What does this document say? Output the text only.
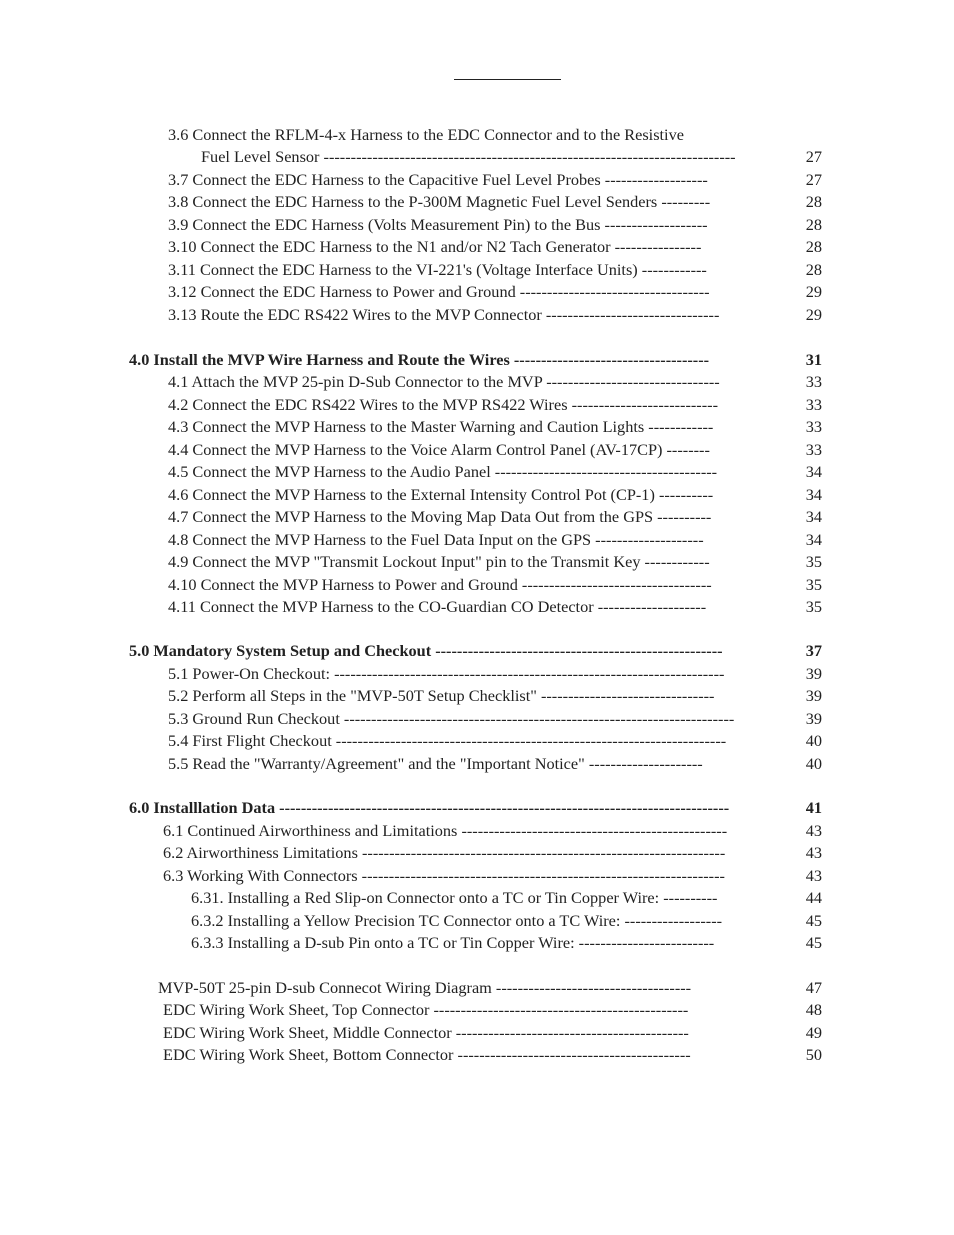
3.6 Connect the RFLM-4-x Harness to the EDC Connector and to the Resistive
Fuel Level Sensor ----------------------------------------------------------------------------	27
3.7 Connect the EDC Harness to the Capacitive Fuel Level Probes -------------------	27
3.8 Connect the EDC Harness to the P-300M Magnetic Fuel Level Senders ---------	28
3.9 Connect the EDC Harness (Volts Measurement Pin) to the Bus -------------------	28
3.10 Connect the EDC Harness to the N1 and/or N2 Tach Generator ----------------	28
3.11 Connect the EDC Harness to the VI-221's (Voltage Interface Units) ------------	28
3.12 Connect the EDC Harness to Power and Ground -----------------------------------	29
3.13 Route the EDC RS422 Wires to the MVP Connector --------------------------------	29
4.0 Install the MVP Wire Harness and Route the Wires ------------------------------------	31
4.1 Attach the MVP 25-pin D-Sub Connector to the MVP --------------------------------	33
4.2 Connect the EDC RS422 Wires to the MVP RS422 Wires ---------------------------	33
4.3 Connect the MVP Harness to the Master Warning and Caution Lights ------------	33
4.4 Connect the MVP Harness to the Voice Alarm Control Panel (AV-17CP) --------	33
4.5 Connect the MVP Harness to the Audio Panel -----------------------------------------	34
4.6 Connect the MVP Harness to the External Intensity Control Pot (CP-1) ----------	34
4.7 Connect the MVP Harness to the Moving Map Data Out from the GPS ----------	34
4.8 Connect the MVP Harness to the Fuel Data Input on the GPS --------------------	34
4.9 Connect the MVP "Transmit Lockout Input" pin to the Transmit Key ------------	35
4.10 Connect the MVP Harness to Power and Ground -----------------------------------	35
4.11 Connect the MVP Harness to the CO-Guardian CO Detector --------------------	35
5.0 Mandatory System Setup and Checkout -----------------------------------------------------	37
5.1 Power-On Checkout: ------------------------------------------------------------------------	39
5.2 Perform all Steps in the "MVP-50T Setup Checklist" --------------------------------	39
5.3 Ground Run Checkout ------------------------------------------------------------------------	39
5.4 First Flight Checkout ------------------------------------------------------------------------	40
5.5 Read the "Warranty/Agreement" and the "Important Notice" ---------------------	40
6.0 Installlation Data -----------------------------------------------------------------------------------	41
6.1 Continued Airworthiness and Limitations -------------------------------------------------	43
6.2 Airworthiness Limitations -------------------------------------------------------------------	43
6.3 Working With Connectors -------------------------------------------------------------------	43
6.31. Installing a Red Slip-on Connector onto a TC or Tin Copper Wire: ----------	44
6.3.2 Installing a Yellow Precision TC Connector onto a TC Wire: ------------------	45
6.3.3 Installing a D-sub Pin onto a TC or Tin Copper Wire: -------------------------	45
MVP-50T 25-pin D-sub Connecot Wiring Diagram ------------------------------------	47
EDC Wiring Work Sheet, Top Connector -----------------------------------------------	48
EDC Wiring Work Sheet, Middle Connector -------------------------------------------	49
EDC Wiring Work Sheet, Bottom Connector -------------------------------------------	50
